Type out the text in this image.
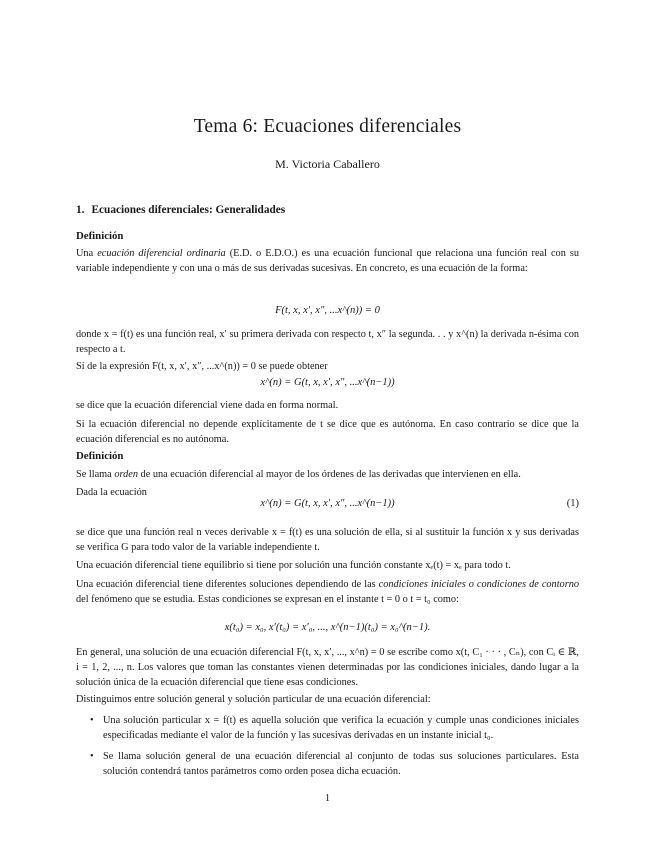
Tema 6: Ecuaciones diferenciales
M. Victoria Caballero
1. Ecuaciones diferenciales: Generalidades
Definición

Una ecuación diferencial ordinaria (E.D. o E.D.O.) es una ecuación funcional que relaciona una función real con su variable independiente y con una o más de sus derivadas sucesivas. En concreto, es una ecuación de la forma:

F(t, x, x′, x″, ...x^(n)) = 0

donde x = f(t) es una función real, x′ su primera derivada con respecto t, x″ la segunda. . . y x^(n) la derivada n-ésima con respecto a t.

Si de la expresión F(t, x, x′, x″, ...x^(n)) = 0 se puede obtener

x^(n) = G(t, x, x′, x″, ...x^(n−1))

se dice que la ecuación diferencial viene dada en forma normal.

Si la ecuación diferencial no depende explícitamente de t se dice que es autónoma. En caso contrario se dice que la ecuación diferencial es no autónoma.

Definición

Se llama orden de una ecuación diferencial al mayor de los órdenes de las derivadas que intervienen en ella.

Dada la ecuación

x^(n) = G(t, x, x′, x″, ...x^(n−1))	(1)

se dice que una función real n veces derivable x = f(t) es una solución de ella, si al sustituir la función x y sus derivadas se verifica G para todo valor de la variable independiente t.

Una ecuación diferencial tiene equilibrio si tiene por solución una función constante xₑ(t) = xₑ para todo t.

Una ecuación diferencial tiene diferentes soluciones dependiendo de las condiciones iniciales o condiciones de contorno del fenómeno que se estudia. Estas condiciones se expresan en el instante t = 0 o t = t₀ como:

x(t₀) = x₀, x′(t₀) = x′₀, ..., x^(n−1)(t₀) = x₀^(n−1).

En general, una solución de una ecuación diferencial F(t, x, x′, ..., x^n) = 0 se escribe como x(t, C₁ · · · , Cₙ), con Cᵢ ∈ ℝ, i = 1, 2, ..., n. Los valores que toman las constantes vienen determinadas por las condiciones iniciales, dando lugar a la solución única de la ecuación diferencial que tiene esas condiciones.

Distinguimos entre solución general y solución particular de una ecuación diferencial:

• Una solución particular x = f(t) es aquella solución que verifica la ecuación y cumple unas condiciones iniciales especificadas mediante el valor de la función y las sucesivas derivadas en un instante inicial t₀.
• Se llama solución general de una ecuación diferencial al conjunto de todas sus soluciones particulares. Esta solución contendrá tantos parámetros como orden posea dicha ecuación.
1
